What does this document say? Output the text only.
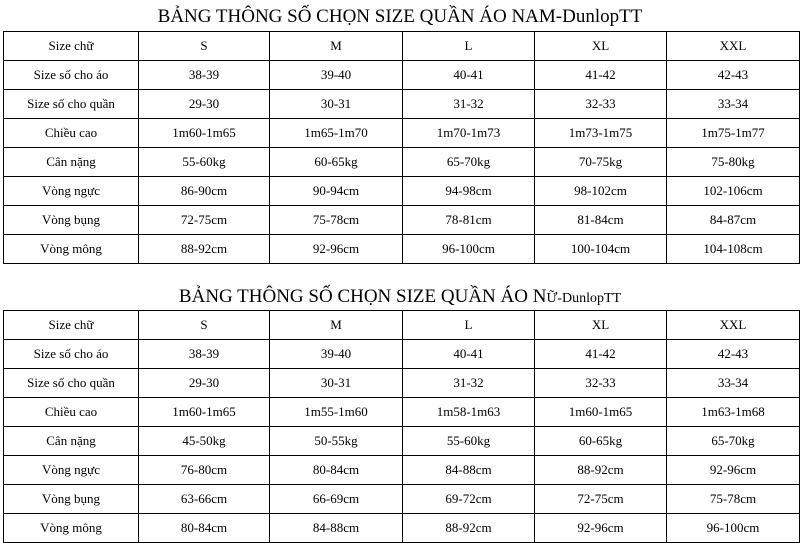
BẢNG THÔNG SỐ CHỌN SIZE QUẦN ÁO NAM-DunlopTT
Size chữ	S	M	L	XL	XXL
Size số cho áo	38-39	39-40	40-41	41-42	42-43
Size số cho quần	29-30	30-31	31-32	32-33	33-34
Chiều cao	1m60-1m65	1m65-1m70	1m70-1m73	1m73-1m75	1m75-1m77
Cân nặng	55-60kg	60-65kg	65-70kg	70-75kg	75-80kg
Vòng ngực	86-90cm	90-94cm	94-98cm	98-102cm	102-106cm
Vòng bụng	72-75cm	75-78cm	78-81cm	81-84cm	84-87cm
Vòng mông	88-92cm	92-96cm	96-100cm	100-104cm	104-108cm
BẢNG THÔNG SỐ CHỌN SIZE QUẦN ÁO NỮ-DunlopTT
Size chữ	S	M	L	XL	XXL
Size số cho áo	38-39	39-40	40-41	41-42	42-43
Size số cho quần	29-30	30-31	31-32	32-33	33-34
Chiều cao	1m60-1m65	1m55-1m60	1m58-1m63	1m60-1m65	1m63-1m68
Cân nặng	45-50kg	50-55kg	55-60kg	60-65kg	65-70kg
Vòng ngực	76-80cm	80-84cm	84-88cm	88-92cm	92-96cm
Vòng bụng	63-66cm	66-69cm	69-72cm	72-75cm	75-78cm
Vòng mông	80-84cm	84-88cm	88-92cm	92-96cm	96-100cm
